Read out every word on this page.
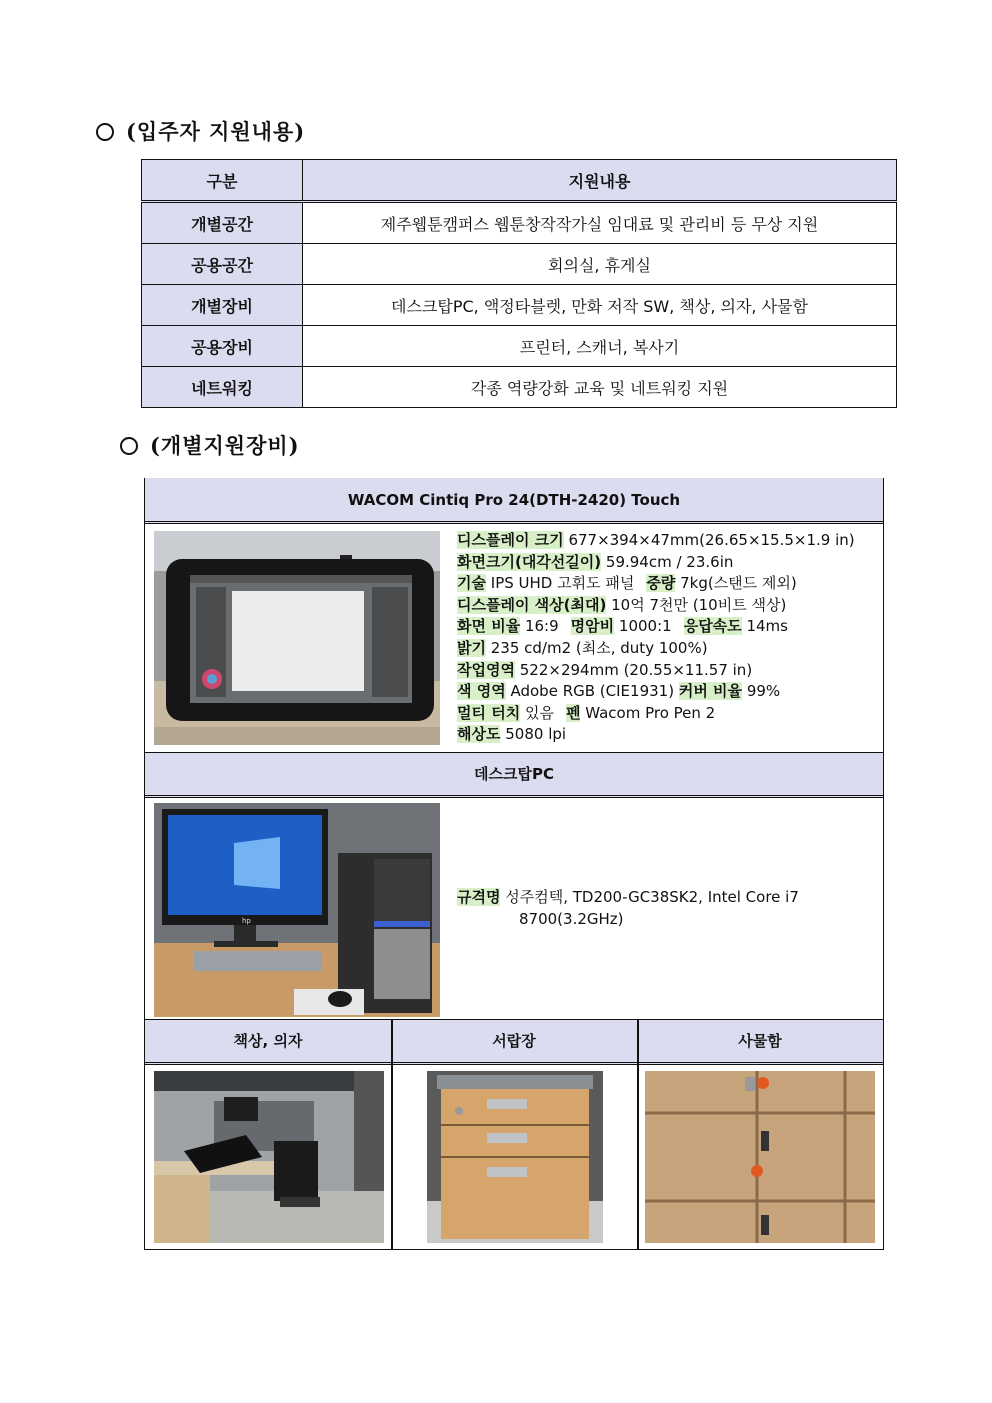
(입주자 지원내용)
구분	지원내용
개별공간	제주웹툰캠퍼스 웹툰창작작가실 임대료 및 관리비 등 무상 지원
공용공간	회의실, 휴게실
개별장비	데스크탑PC, 액정타블렛, 만화 저작 SW, 책상, 의자, 사물함
공용장비	프린터, 스캐너, 복사기
네트워킹	각종 역량강화 교육 및 네트워킹 지원
(개별지원장비)
WACOM Cintiq Pro 24(DTH-2420) Touch
디스플레이 크기 677×394×47mm(26.65×15.5×1.9 in)
화면크기(대각선길이) 59.94cm / 23.6in
기술 IPS UHD 고휘도 패널 중량 7kg(스탠드 제외)
디스플레이 색상(최대) 10억 7천만 (10비트 색상)
화면 비율 16:9 명암비 1000:1 응답속도 14ms
밝기 235 cd/m2 (최소, duty 100%)
작업영역 522×294mm (20.55×11.57 in)
색 영역 Adobe RGB (CIE1931) 커버 비율 99%
멀티 터치 있음 펜 Wacom Pro Pen 2
해상도 5080 lpi
데스크탑PC
hp
규격명 성주컴텍, TD200-GC38SK2, Intel Core i7
8700(3.2GHz)
책상, 의자	서랍장	사물함
